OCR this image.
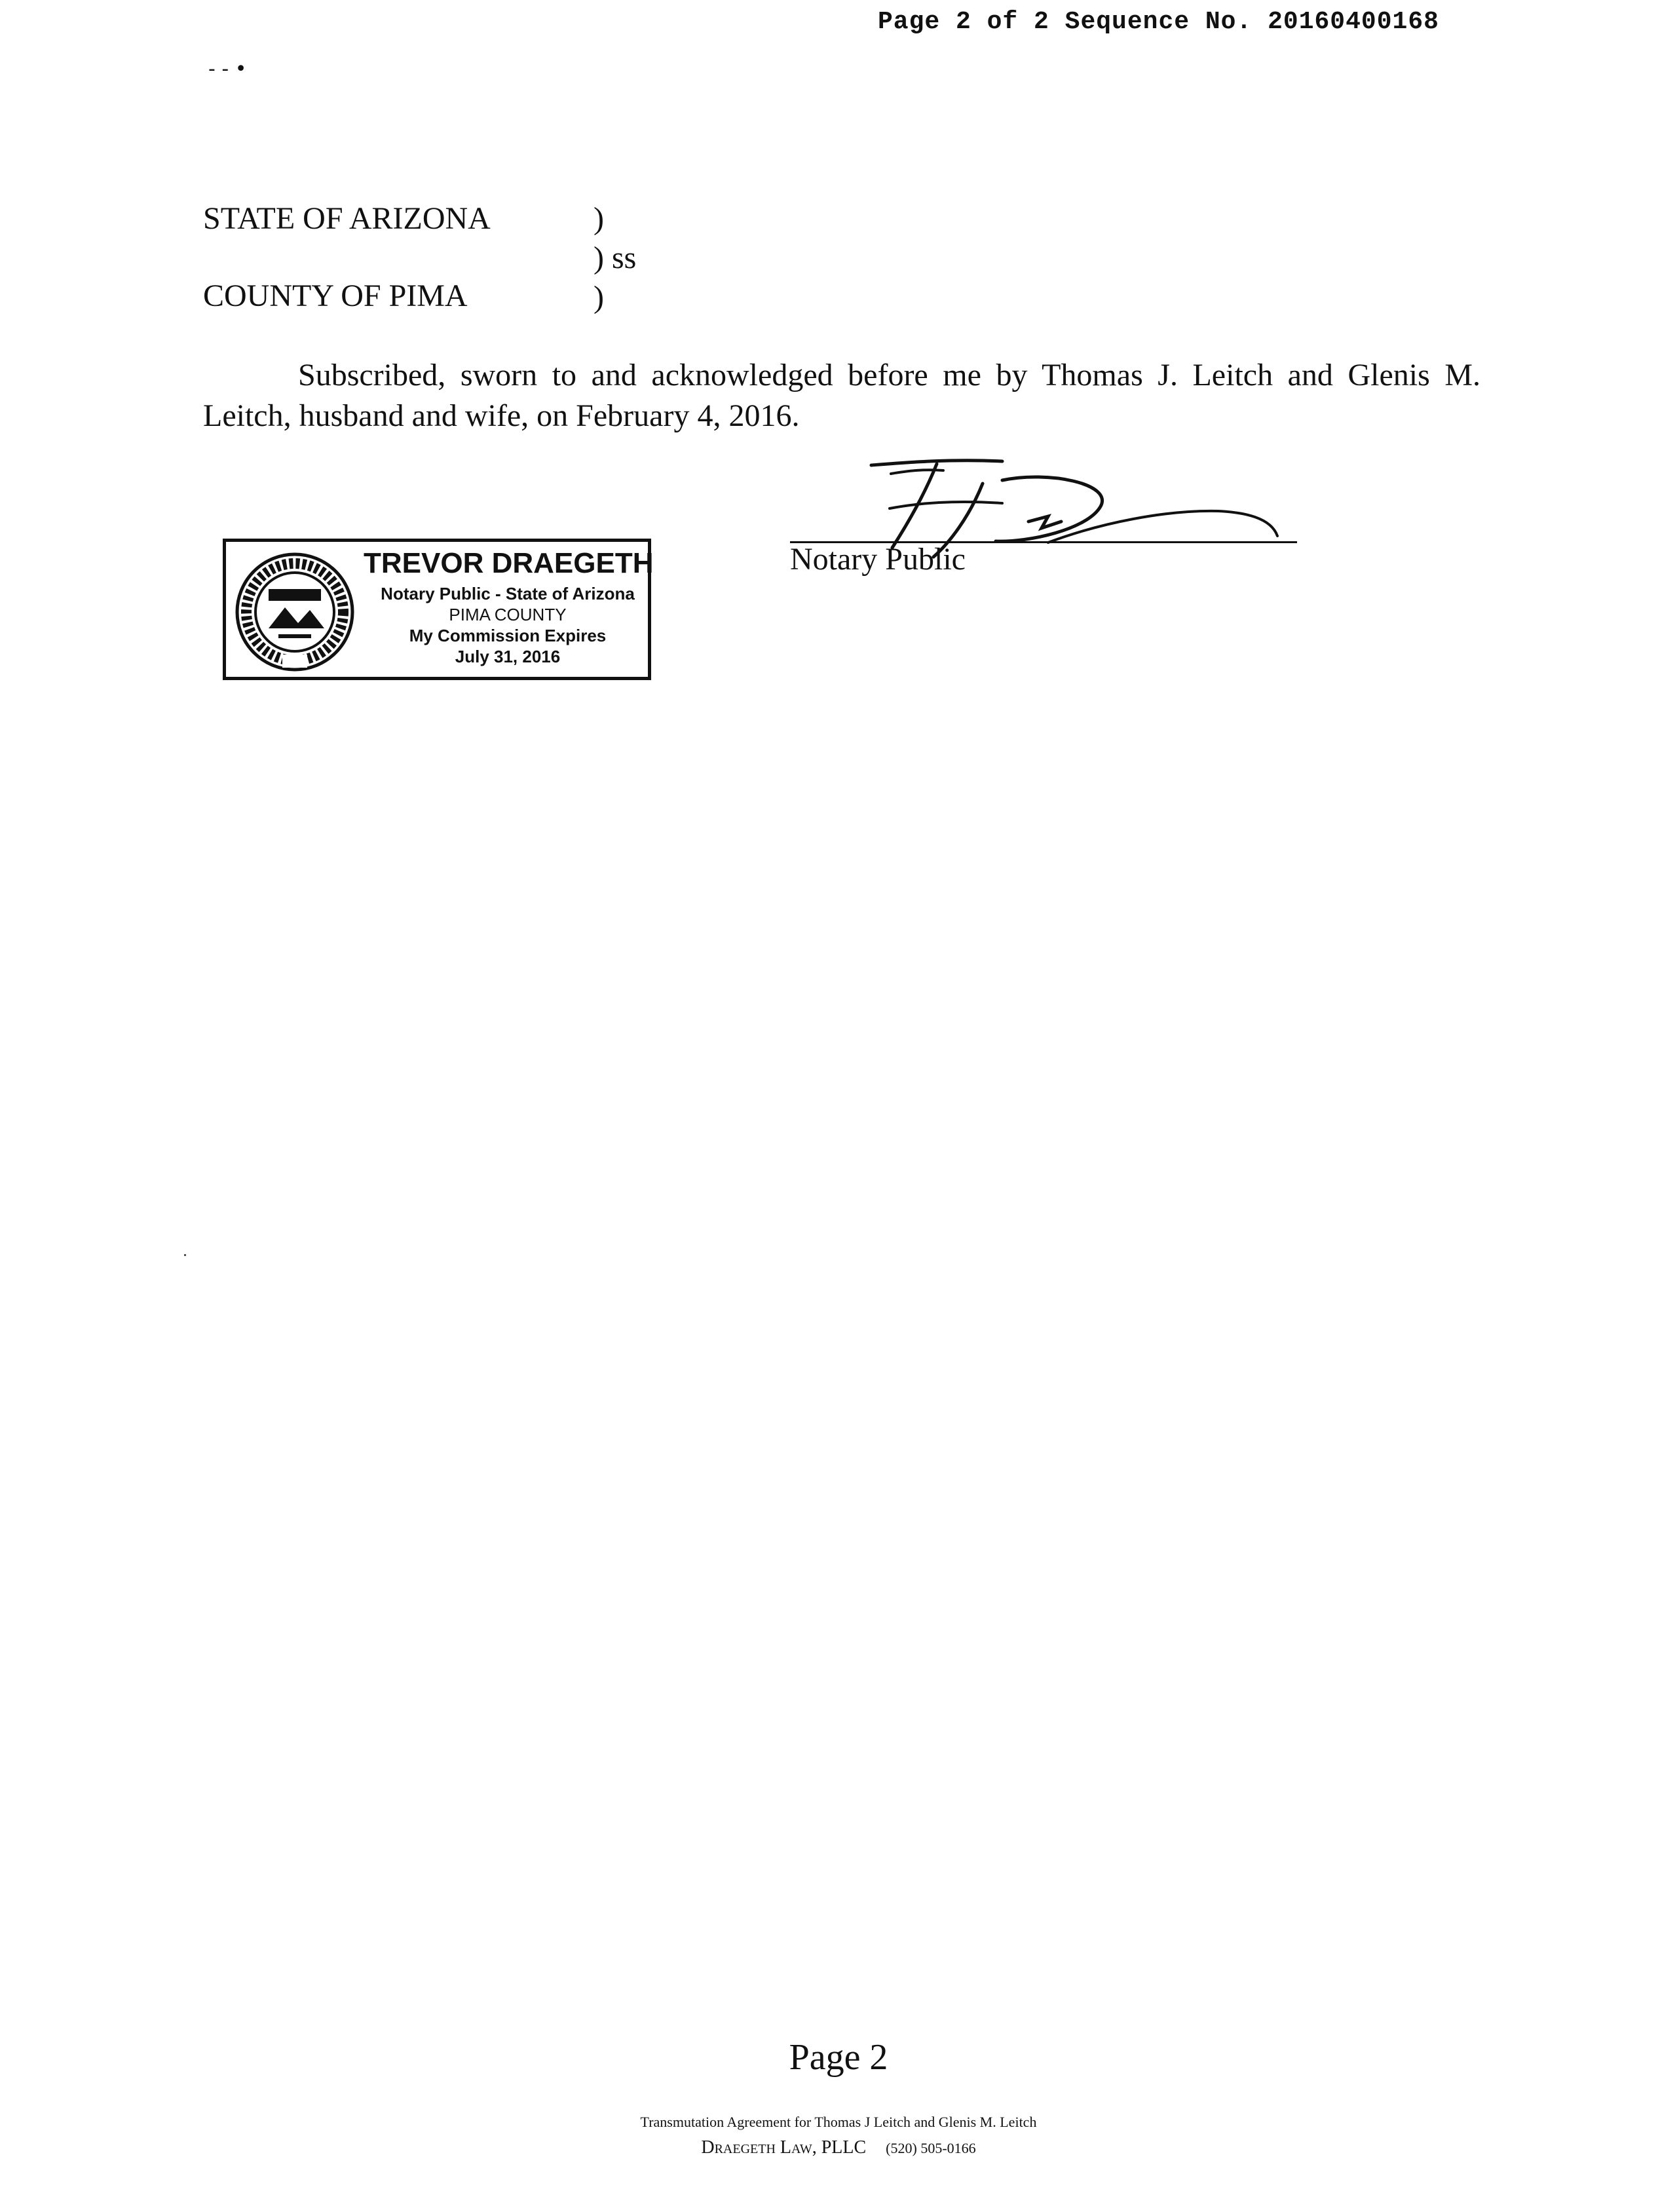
Page 2 of 2 Sequence No. 20160400168
- - •
STATE OF ARIZONA	)
) ss
COUNTY OF PIMA	)
Subscribed, sworn to and acknowledged before me by Thomas J. Leitch and Glenis M. Leitch, husband and wife, on February 4, 2016.
Notary Public
TREVOR DRAEGETH
Notary Public - State of Arizona
PIMA COUNTY
My Commission Expires
July 31, 2016
Page 2
Transmutation Agreement for Thomas J Leitch and Glenis M. Leitch
Draegeth Law, PLLC (520) 505-0166
